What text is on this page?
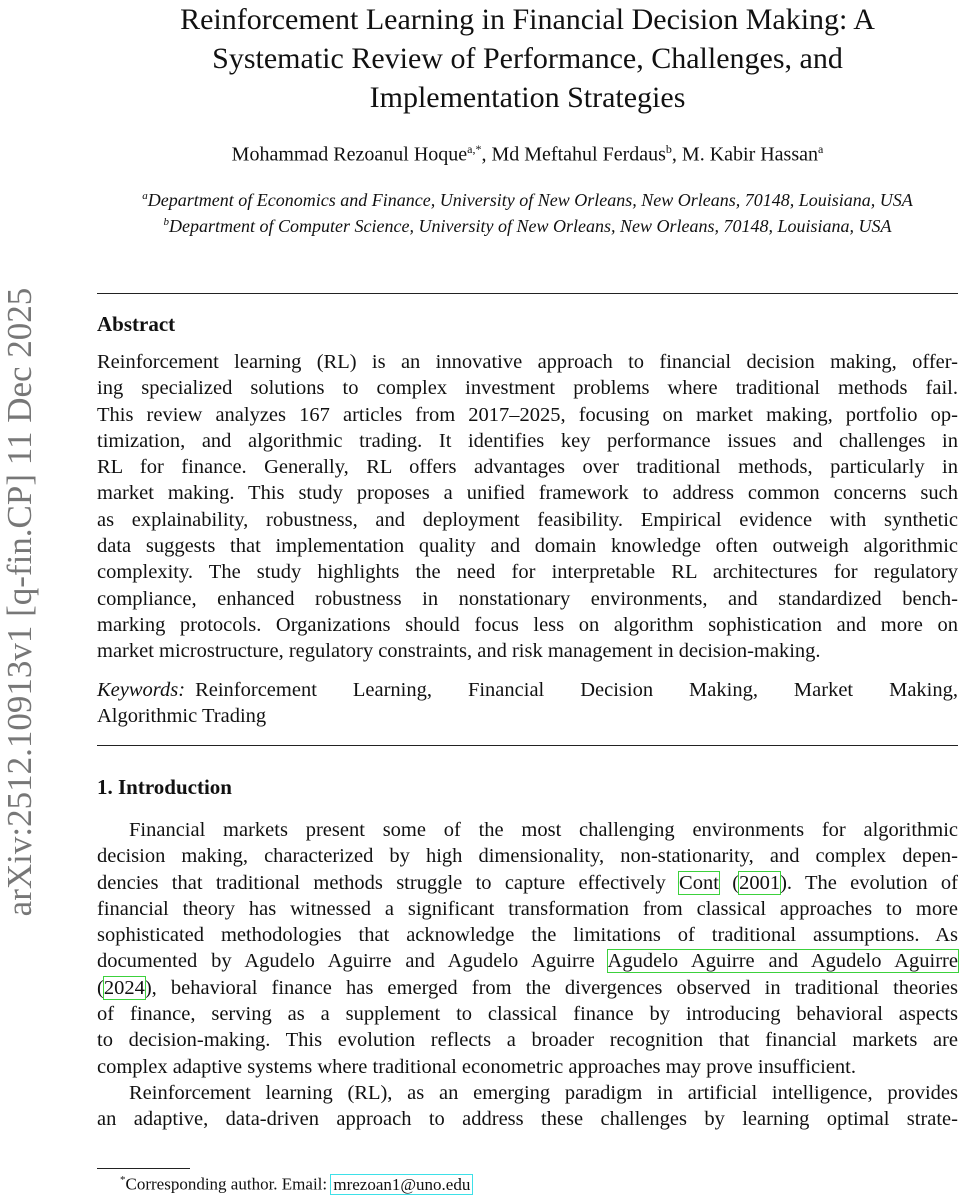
arXiv:2512.10913v1 [q-fin.CP] 11 Dec 2025
Reinforcement Learning in Financial Decision Making: A
Systematic Review of Performance, Challenges, and
Implementation Strategies
Mohammad Rezoanul Hoque$^{a,*}$, Md Meftahul Ferdaus$^b$, M. Kabir Hassan$^a$
$^a$Department of Economics and Finance, University of New Orleans, New Orleans, 70148, Louisiana, USA
$^b$Department of Computer Science, University of New Orleans, New Orleans, 70148, Louisiana, USA
Abstract
Reinforcement learning (RL) is an innovative approach to financial decision making, offer-
ing specialized solutions to complex investment problems where traditional methods fail.
This review analyzes 167 articles from 2017–2025, focusing on market making, portfolio op-
timization, and algorithmic trading. It identifies key performance issues and challenges in
RL for finance. Generally, RL offers advantages over traditional methods, particularly in
market making. This study proposes a unified framework to address common concerns such
as explainability, robustness, and deployment feasibility. Empirical evidence with synthetic
data suggests that implementation quality and domain knowledge often outweigh algorithmic
complexity. The study highlights the need for interpretable RL architectures for regulatory
compliance, enhanced robustness in nonstationary environments, and standardized bench-
marking protocols. Organizations should focus less on algorithm sophistication and more on
market microstructure, regulatory constraints, and risk management in decision-making.
Keywords: Reinforcement Learning, Financial Decision Making, Market Making,
Algorithmic Trading
1. Introduction
Financial markets present some of the most challenging environments for algorithmic
decision making, characterized by high dimensionality, non-stationarity, and complex depen-
dencies that traditional methods struggle to capture effectively Cont (2001). The evolution of
financial theory has witnessed a significant transformation from classical approaches to more
sophisticated methodologies that acknowledge the limitations of traditional assumptions. As
documented by Agudelo Aguirre and Agudelo Aguirre Agudelo Aguirre and Agudelo Aguirre
(2024), behavioral finance has emerged from the divergences observed in traditional theories
of finance, serving as a supplement to classical finance by introducing behavioral aspects
to decision-making. This evolution reflects a broader recognition that financial markets are
complex adaptive systems where traditional econometric approaches may prove insufficient.
Reinforcement learning (RL), as an emerging paradigm in artificial intelligence, provides
an adaptive, data-driven approach to address these challenges by learning optimal strate-
*Corresponding author. Email: mrezoan1@uno.edu
